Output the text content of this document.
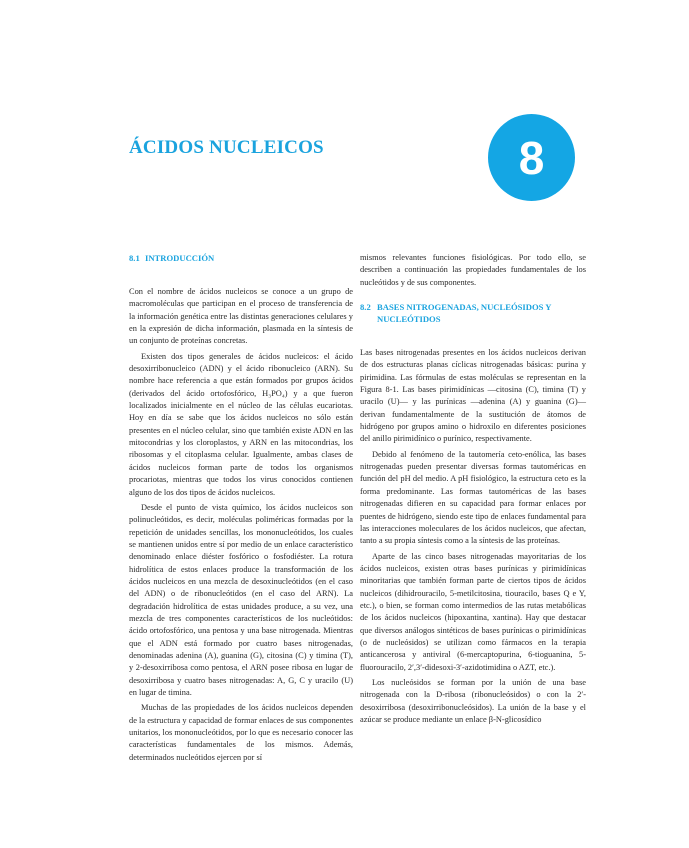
ÁCIDOS NUCLEICOS	8
8.1 INTRODUCCIÓN

Con el nombre de ácidos nucleicos se conoce a un grupo de macromoléculas que participan en el proceso de transferencia de la información genética entre las distintas generaciones celulares y en la expresión de dicha información, plasmada en la síntesis de un conjunto de proteínas concretas.

Existen dos tipos generales de ácidos nucleicos: el ácido desoxirribonucleico (ADN) y el ácido ribonucleico (ARN). Su nombre hace referencia a que están formados por grupos ácidos (derivados del ácido ortofosfórico, H₃PO₄) y a que fueron localizados inicialmente en el núcleo de las células eucariotas. Hoy en día se sabe que los ácidos nucleicos no sólo están presentes en el núcleo celular, sino que también existe ADN en las mitocondrias y los cloroplastos, y ARN en las mitocondrias, los ribosomas y el citoplasma celular. Igualmente, ambas clases de ácidos nucleicos forman parte de todos los organismos procariotas, mientras que todos los virus conocidos contienen alguno de los dos tipos de ácidos nucleicos.

Desde el punto de vista químico, los ácidos nucleicos son polinucleótidos, es decir, moléculas poliméricas formadas por la repetición de unidades sencillas, los mononucleótidos, los cuales se mantienen unidos entre sí por medio de un enlace característico denominado enlace diéster fosfórico o fosfodiéster. La rotura hidrolítica de estos enlaces produce la transformación de los ácidos nucleicos en una mezcla de desoxinucleótidos (en el caso del ADN) o de ribonucleótidos (en el caso del ARN). La degradación hidrolítica de estas unidades produce, a su vez, una mezcla de tres componentes característicos de los nucleótidos: ácido ortofosfórico, una pentosa y una base nitrogenada. Mientras que el ADN está formado por cuatro bases nitrogenadas, denominadas adenina (A), guanina (G), citosina (C) y timina (T), y 2-desoxirribosa como pentosa, el ARN posee ribosa en lugar de desoxirribosa y cuatro bases nitrogenadas: A, G, C y uracilo (U) en lugar de timina.

Muchas de las propiedades de los ácidos nucleicos dependen de la estructura y capacidad de formar enlaces de sus componentes unitarios, los mononucleótidos, por lo que es necesario conocer las características fundamentales de los mismos. Además, determinados nucleótidos ejercen por sí

mismos relevantes funciones fisiológicas. Por todo ello, se describen a continuación las propiedades fundamentales de los nucleótidos y de sus componentes.

8.2 BASES NITROGENADAS, NUCLEÓSIDOS Y NUCLEÓTIDOS

Las bases nitrogenadas presentes en los ácidos nucleicos derivan de dos estructuras planas cíclicas nitrogenadas básicas: purina y pirimidina. Las fórmulas de estas moléculas se representan en la Figura 8-1. Las bases pirimidínicas —citosina (C), timina (T) y uracilo (U)— y las purínicas —adenina (A) y guanina (G)— derivan fundamentalmente de la sustitución de átomos de hidrógeno por grupos amino o hidroxilo en diferentes posiciones del anillo pirimidínico o purínico, respectivamente.

Debido al fenómeno de la tautomería ceto-enólica, las bases nitrogenadas pueden presentar diversas formas tautoméricas en función del pH del medio. A pH fisiológico, la estructura ceto es la forma predominante. Las formas tautoméricas de las bases nitrogenadas difieren en su capacidad para formar enlaces por puentes de hidrógeno, siendo este tipo de enlaces fundamental para las interacciones moleculares de los ácidos nucleicos, que afectan, tanto a su propia síntesis como a la síntesis de las proteínas.

Aparte de las cinco bases nitrogenadas mayoritarias de los ácidos nucleicos, existen otras bases purínicas y pirimidínicas minoritarias que también forman parte de ciertos tipos de ácidos nucleicos (dihidrouracilo, 5-metilcitosina, tiouracilo, bases Q e Y, etc.), o bien, se forman como intermedios de las rutas metabólicas de los ácidos nucleicos (hipoxantina, xantina). Hay que destacar que diversos análogos sintéticos de bases purínicas o pirimidínicas (o de nucleósidos) se utilizan como fármacos en la terapia anticancerosa y antiviral (6-mercaptopurina, 6-tioguanina, 5-fluorouracilo, 2′,3′-didesoxi-3′-azidotimidina o AZT, etc.).

Los nucleósidos se forman por la unión de una base nitrogenada con la D-ribosa (ribonucleósidos) o con la 2′-desoxirribosa (desoxirribonucleósidos). La unión de la base y el azúcar se produce mediante un enlace β-N-glicosídico
